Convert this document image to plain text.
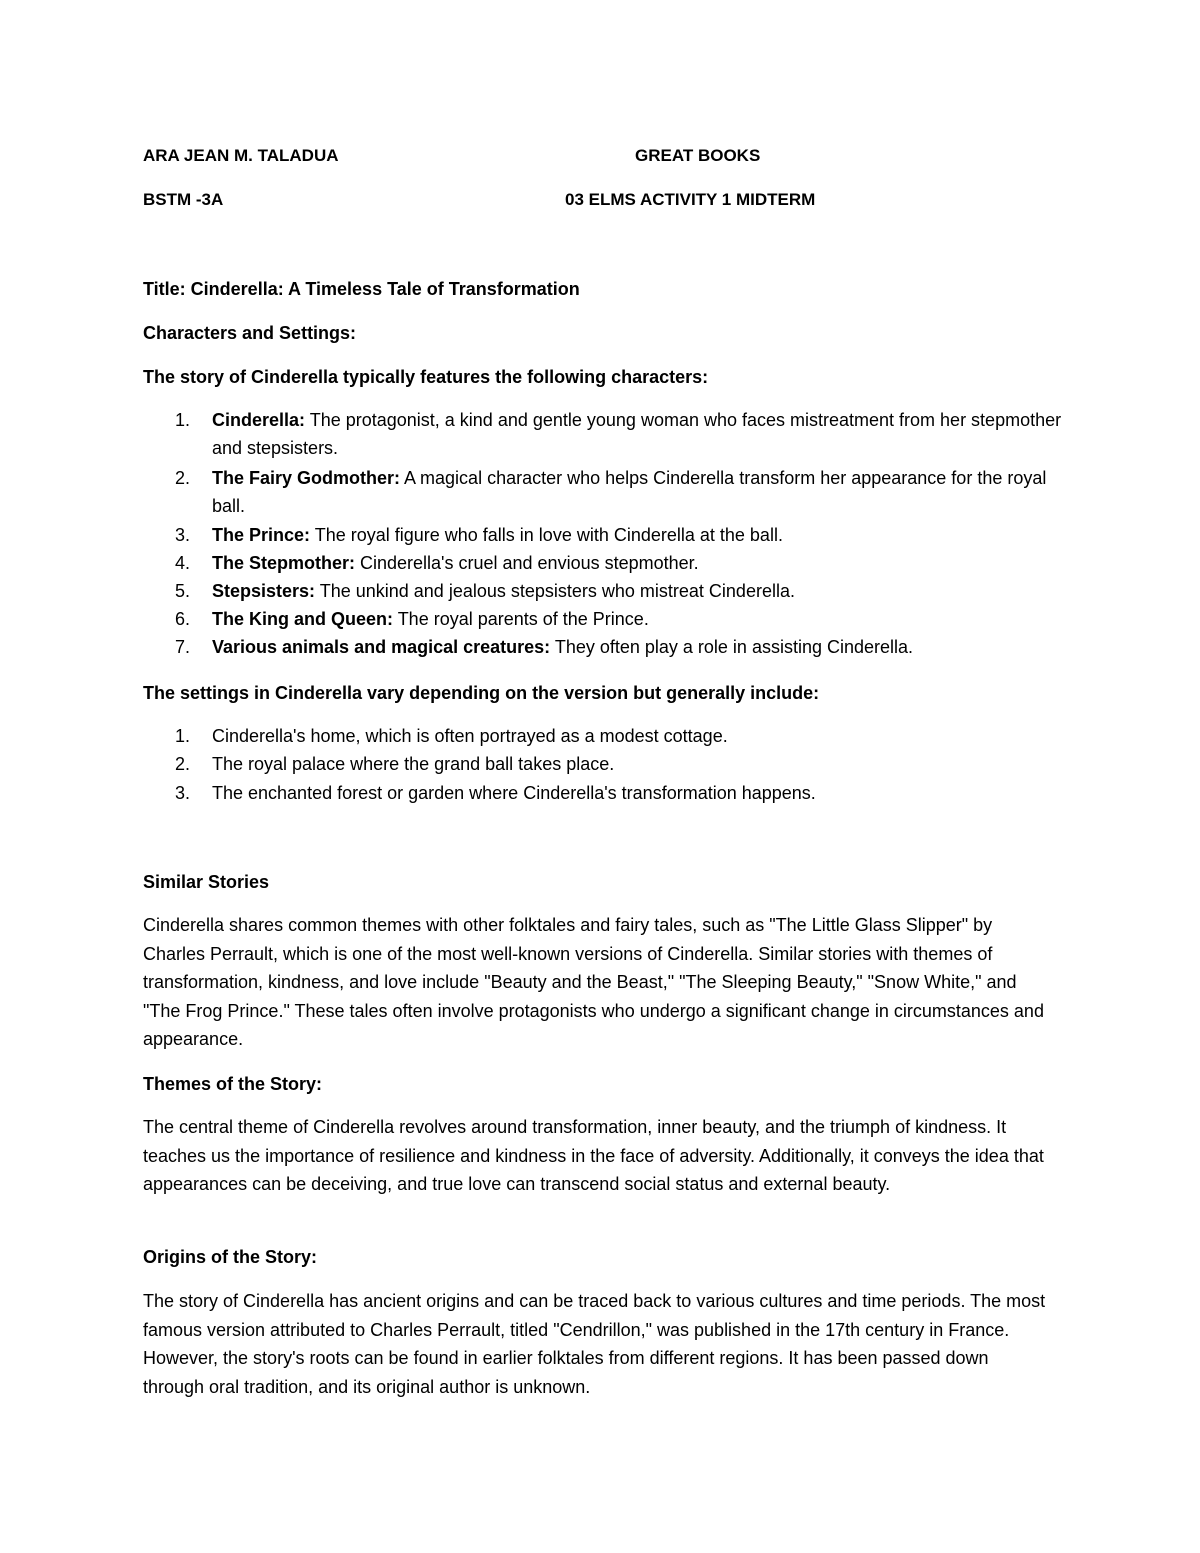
ARA JEAN M. TALADUA	GREAT BOOKS
BSTM -3A	03 ELMS ACTIVITY 1 MIDTERM
Title: Cinderella: A Timeless Tale of Transformation
Characters and Settings:
The story of Cinderella typically features the following characters:
1.	Cinderella: The protagonist, a kind and gentle young woman who faces mistreatment from her stepmother and stepsisters.
2.	The Fairy Godmother: A magical character who helps Cinderella transform her appearance for the royal ball.
3.	The Prince: The royal figure who falls in love with Cinderella at the ball.
4.	The Stepmother: Cinderella's cruel and envious stepmother.
5.	Stepsisters: The unkind and jealous stepsisters who mistreat Cinderella.
6.	The King and Queen: The royal parents of the Prince.
7.	Various animals and magical creatures: They often play a role in assisting Cinderella.
The settings in Cinderella vary depending on the version but generally include:
1.	Cinderella's home, which is often portrayed as a modest cottage.
2.	The royal palace where the grand ball takes place.
3.	The enchanted forest or garden where Cinderella's transformation happens.
Similar Stories
Cinderella shares common themes with other folktales and fairy tales, such as "The Little Glass Slipper" by Charles Perrault, which is one of the most well-known versions of Cinderella. Similar stories with themes of transformation, kindness, and love include "Beauty and the Beast," "The Sleeping Beauty," "Snow White," and "The Frog Prince." These tales often involve protagonists who undergo a significant change in circumstances and appearance.
Themes of the Story:
The central theme of Cinderella revolves around transformation, inner beauty, and the triumph of kindness. It teaches us the importance of resilience and kindness in the face of adversity. Additionally, it conveys the idea that appearances can be deceiving, and true love can transcend social status and external beauty.
Origins of the Story:
The story of Cinderella has ancient origins and can be traced back to various cultures and time periods. The most famous version attributed to Charles Perrault, titled "Cendrillon," was published in the 17th century in France. However, the story's roots can be found in earlier folktales from different regions. It has been passed down through oral tradition, and its original author is unknown.
